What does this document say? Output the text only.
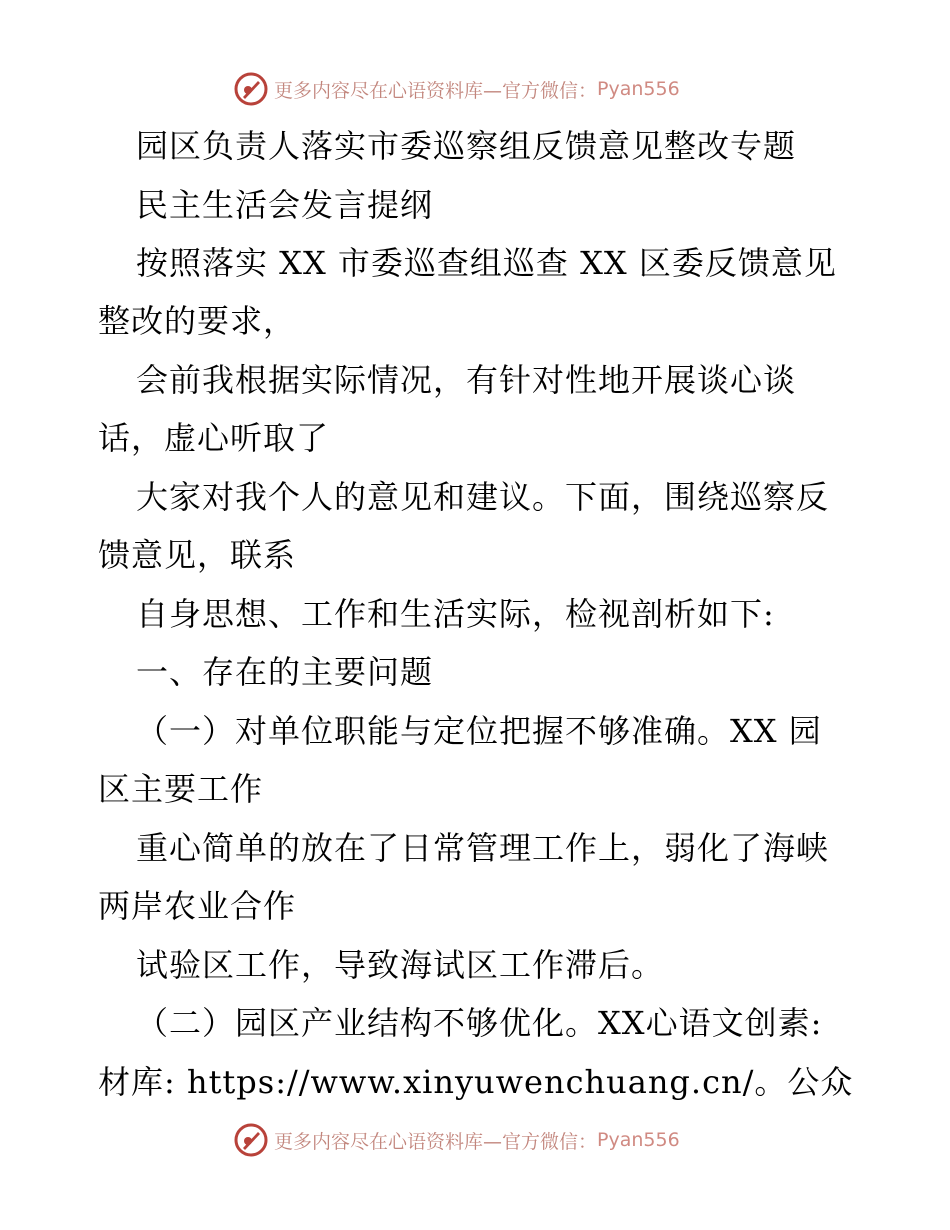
更多内容尽在心语资料库—官方微信： Pyan556
园区负责人落实市委巡察组反馈意见整改专题
民主生活会发言提纲
按照落实 XX 市委巡查组巡查 XX 区委反馈意见
整改的要求，
会前我根据实际情况，有针对性地开展谈心谈
话，虚心听取了
大家对我个人的意见和建议。下面，围绕巡察反
馈意见，联系
自身思想、工作和生活实际，检视剖析如下:
一、存在的主要问题
（一）对单位职能与定位把握不够准确。XX 园
区主要工作
重心简单的放在了日常管理工作上，弱化了海峡
两岸农业合作
试验区工作，导致海试区工作滞后。
（二）园区产业结构不够优化。XX心语文创素:
材库: https://www.xinyuwenchuang.cn/。公众
更多内容尽在心语资料库—官方微信： Pyan556
